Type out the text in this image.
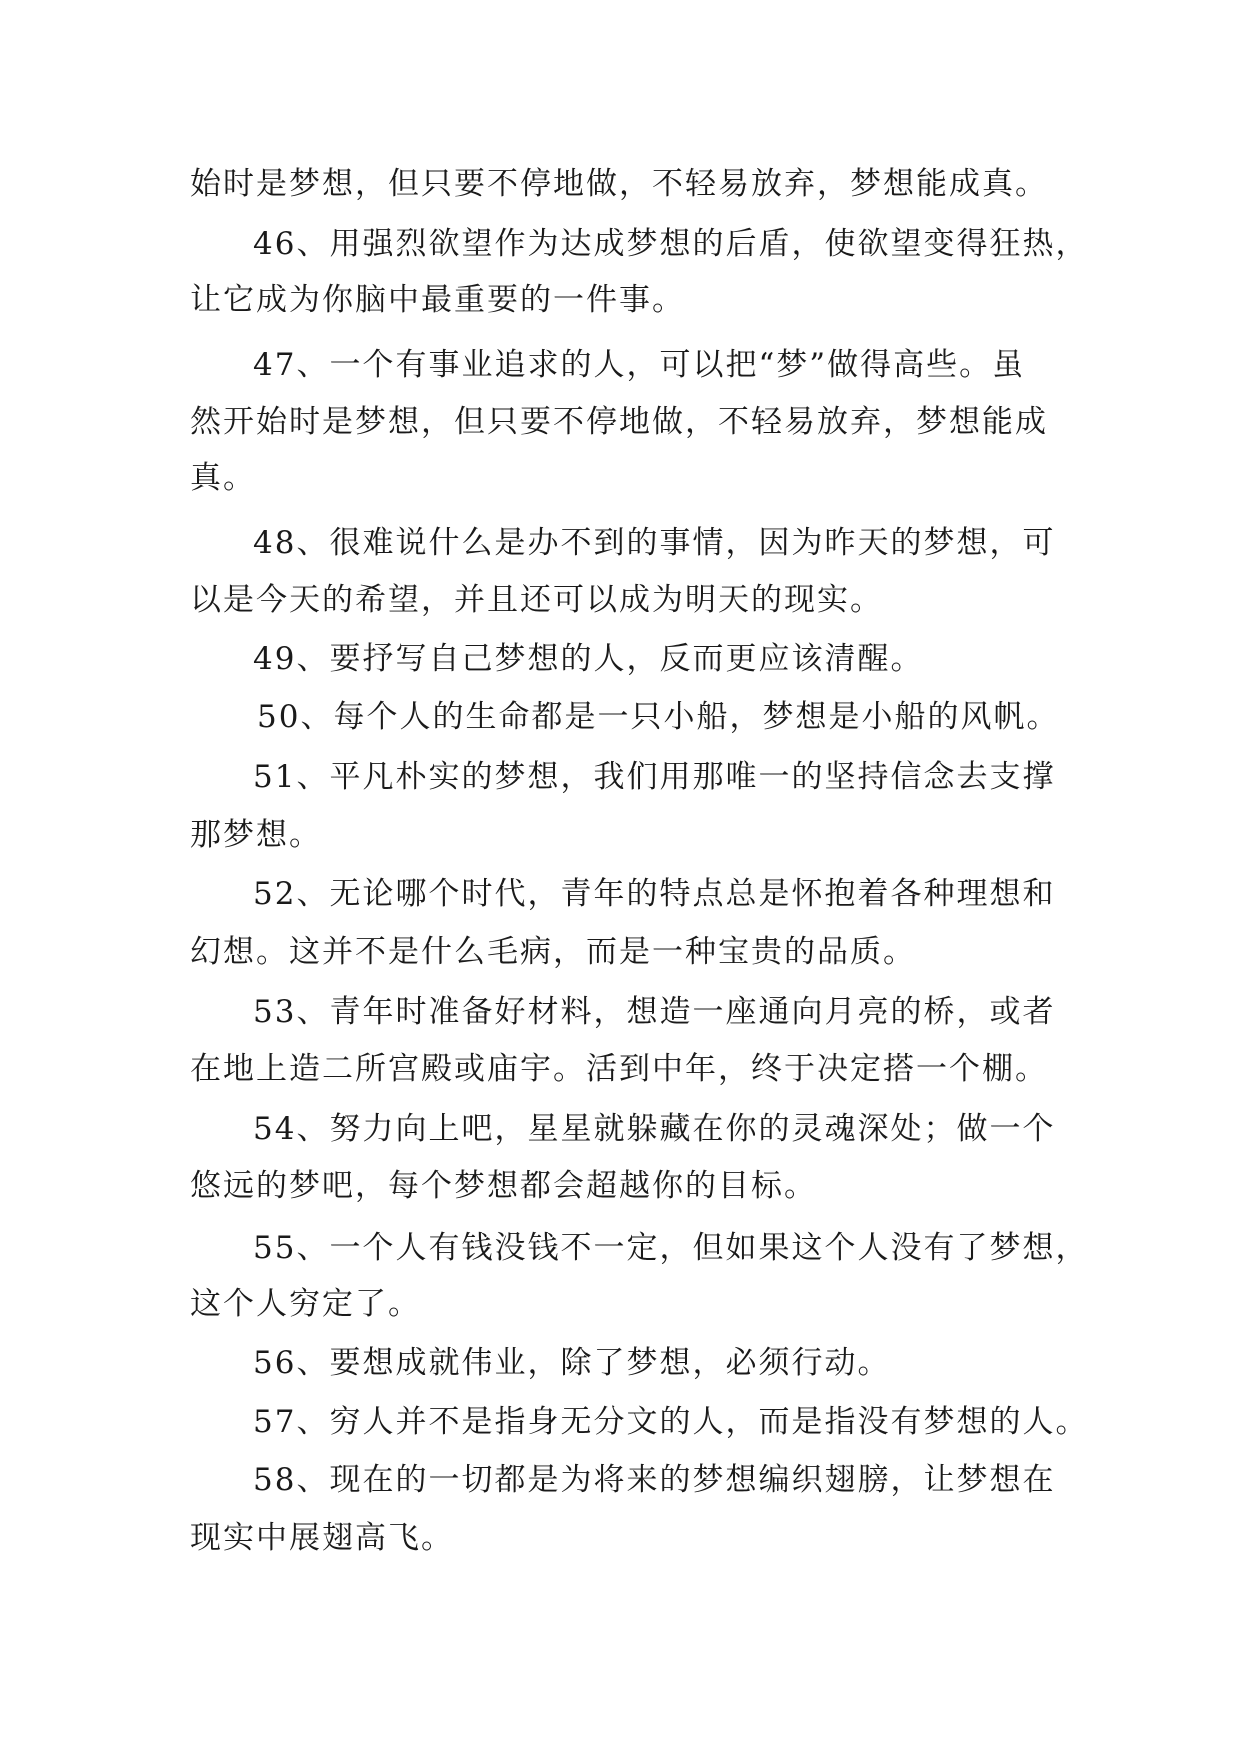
始时是梦想，但只要不停地做，不轻易放弃，梦想能成真。
46、用强烈欲望作为达成梦想的后盾，使欲望变得狂热，
让它成为你脑中最重要的一件事。
47、一个有事业追求的人，可以把“梦”做得高些。虽
然开始时是梦想，但只要不停地做，不轻易放弃，梦想能成
真。
48、很难说什么是办不到的事情，因为昨天的梦想，可
以是今天的希望，并且还可以成为明天的现实。
49、要抒写自己梦想的人，反而更应该清醒。
50、每个人的生命都是一只小船，梦想是小船的风帆。
51、平凡朴实的梦想，我们用那唯一的坚持信念去支撑
那梦想。
52、无论哪个时代，青年的特点总是怀抱着各种理想和
幻想。这并不是什么毛病，而是一种宝贵的品质。
53、青年时准备好材料，想造一座通向月亮的桥，或者
在地上造二所宫殿或庙宇。活到中年，终于决定搭一个棚。
54、努力向上吧，星星就躲藏在你的灵魂深处；做一个
悠远的梦吧，每个梦想都会超越你的目标。
55、一个人有钱没钱不一定，但如果这个人没有了梦想，
这个人穷定了。
56、要想成就伟业，除了梦想，必须行动。
57、穷人并不是指身无分文的人，而是指没有梦想的人。
58、现在的一切都是为将来的梦想编织翅膀，让梦想在
现实中展翅高飞。
